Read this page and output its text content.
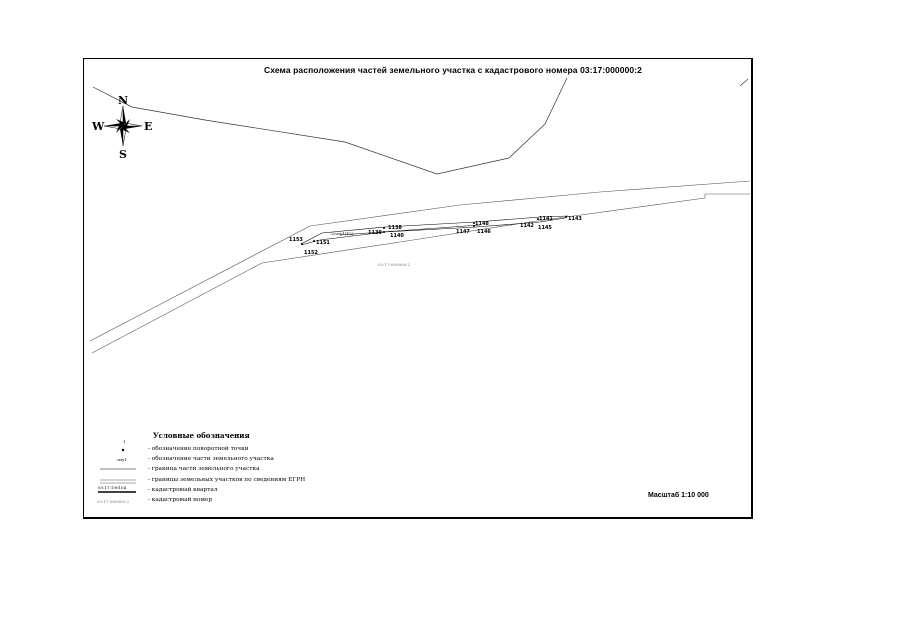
Схема расположения частей земельного участка с кадастрового номера 03:17:000000:2
1153	1151
1152
1138
1139 1140
1148
1147 1146
1141	1143
1142 1145
:2/чзу1(У2)
03:17:000000:2
N
S
W	E
1
:чзу1
03:17:190104
03:17:000000:2
Условные обозначения
- обозначение поворотной точки
- обозначение части земельного участка
- граница части земельного участка
- границы земельных участков по сведениям ЕГРН
- кадастровый квартал
- кадастровый номер
Масштаб 1:10 000
